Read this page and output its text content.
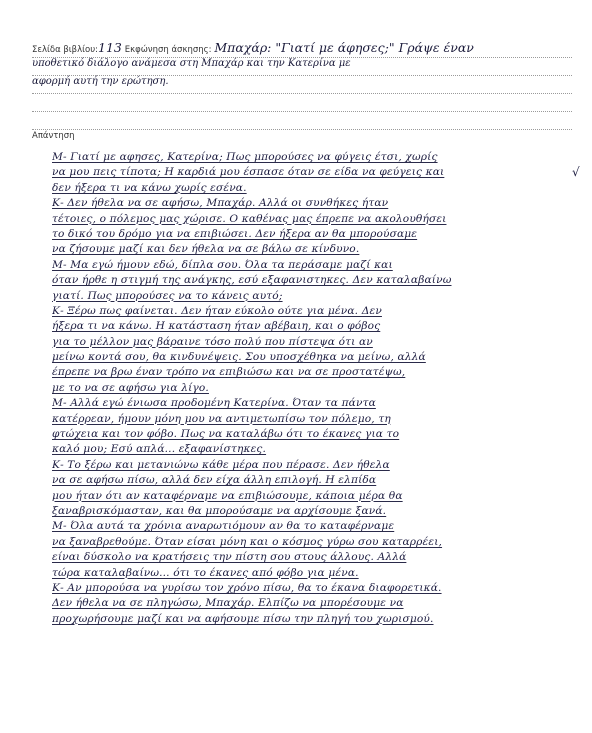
Σελίδα βιβλίου:113 Εκφώνηση άσκησης: Μπαχάρ: "Γιατί με άφησες;" Γράψε έναν
υποθετικό διάλογο ανάμεσα στη Μπαχάρ και την Κατερίνα με
αφορμή αυτή την ερώτηση.
Απάντηση
√
Μ- Γιατί με αφησες, Κατερίνα; Πως μπορούσες να φύγεις έτσι, χωρίς
να μου πεις τίποτα; Η καρδιά μου έσπασε όταν σε είδα να φεύγεις και
δεν ήξερα τι να κάνω χωρίς εσένα.
Κ- Δεν ήθελα να σε αφήσω, Μπαχάρ. Αλλά οι συνθήκες ήταν
τέτοιες, ο πόλεμος μας χώρισε. Ο καθένας μας έπρεπε να ακολουθήσει
το δικό του δρόμο για να επιβιώσει. Δεν ήξερα αν θα μπορούσαμε
να ζήσουμε μαζί και δεν ήθελα να σε βάλω σε κίνδυνο.
Μ- Μα εγώ ήμουν εδώ, δίπλα σου. Όλα τα περάσαμε μαζί και
όταν ήρθε η στιγμή της ανάγκης, εσύ εξαφανιστηκες. Δεν καταλαβαίνω
γιατί. Πως μπορούσες να το κάνεις αυτό;
Κ- Ξέρω πως φαίνεται. Δεν ήταν εύκολο ούτε για μένα. Δεν
ήξερα τι να κάνω. Η κατάσταση ήταν αβέβαιη, και ο φόβος
για το μέλλον μας βάραινε τόσο πολύ που πίστεψα ότι αν
μείνω κοντά σου, θα κινδυνέψεις. Σου υποσχέθηκα να μείνω, αλλά
έπρεπε να βρω έναν τρόπο να επιβιώσω και να σε προστατέψω,
με το να σε αφήσω για λίγο.
Μ- Αλλά εγώ ένιωσα προδομένη Κατερίνα. Όταν τα πάντα
κατέρρεαν, ήμουν μόνη μου να αντιμετωπίσω τον πόλεμο, τη
φτώχεια και τον φόβο. Πως να καταλάβω ότι το έκανες για το
καλό μου; Εσύ απλά... εξαφανίστηκες.
Κ- Το ξέρω και μετανιώνω κάθε μέρα που πέρασε. Δεν ήθελα
να σε αφήσω πίσω, αλλά δεν είχα άλλη επιλογή. Η ελπίδα
μου ήταν ότι αν καταφέρναμε να επιβιώσουμε, κάποια μέρα θα
ξαναβρισκόμασταν, και θα μπορούσαμε να αρχίσουμε ξανά.
Μ- Όλα αυτά τα χρόνια αναρωτιόμουν αν θα το καταφέρναμε
να ξαναβρεθούμε. Όταν είσαι μόνη και ο κόσμος γύρω σου καταρρέει,
είναι δύσκολο να κρατήσεις την πίστη σου στους άλλους. Αλλά
τώρα καταλαβαίνω... ότι το έκανες από φόβο για μένα.
Κ- Αν μπορούσα να γυρίσω τον χρόνο πίσω, θα το έκανα διαφορετικά.
Δεν ήθελα να σε πληγώσω, Μπαχάρ. Ελπίζω να μπορέσουμε να
προχωρήσουμε μαζί και να αφήσουμε πίσω την πληγή του χωρισμού.
